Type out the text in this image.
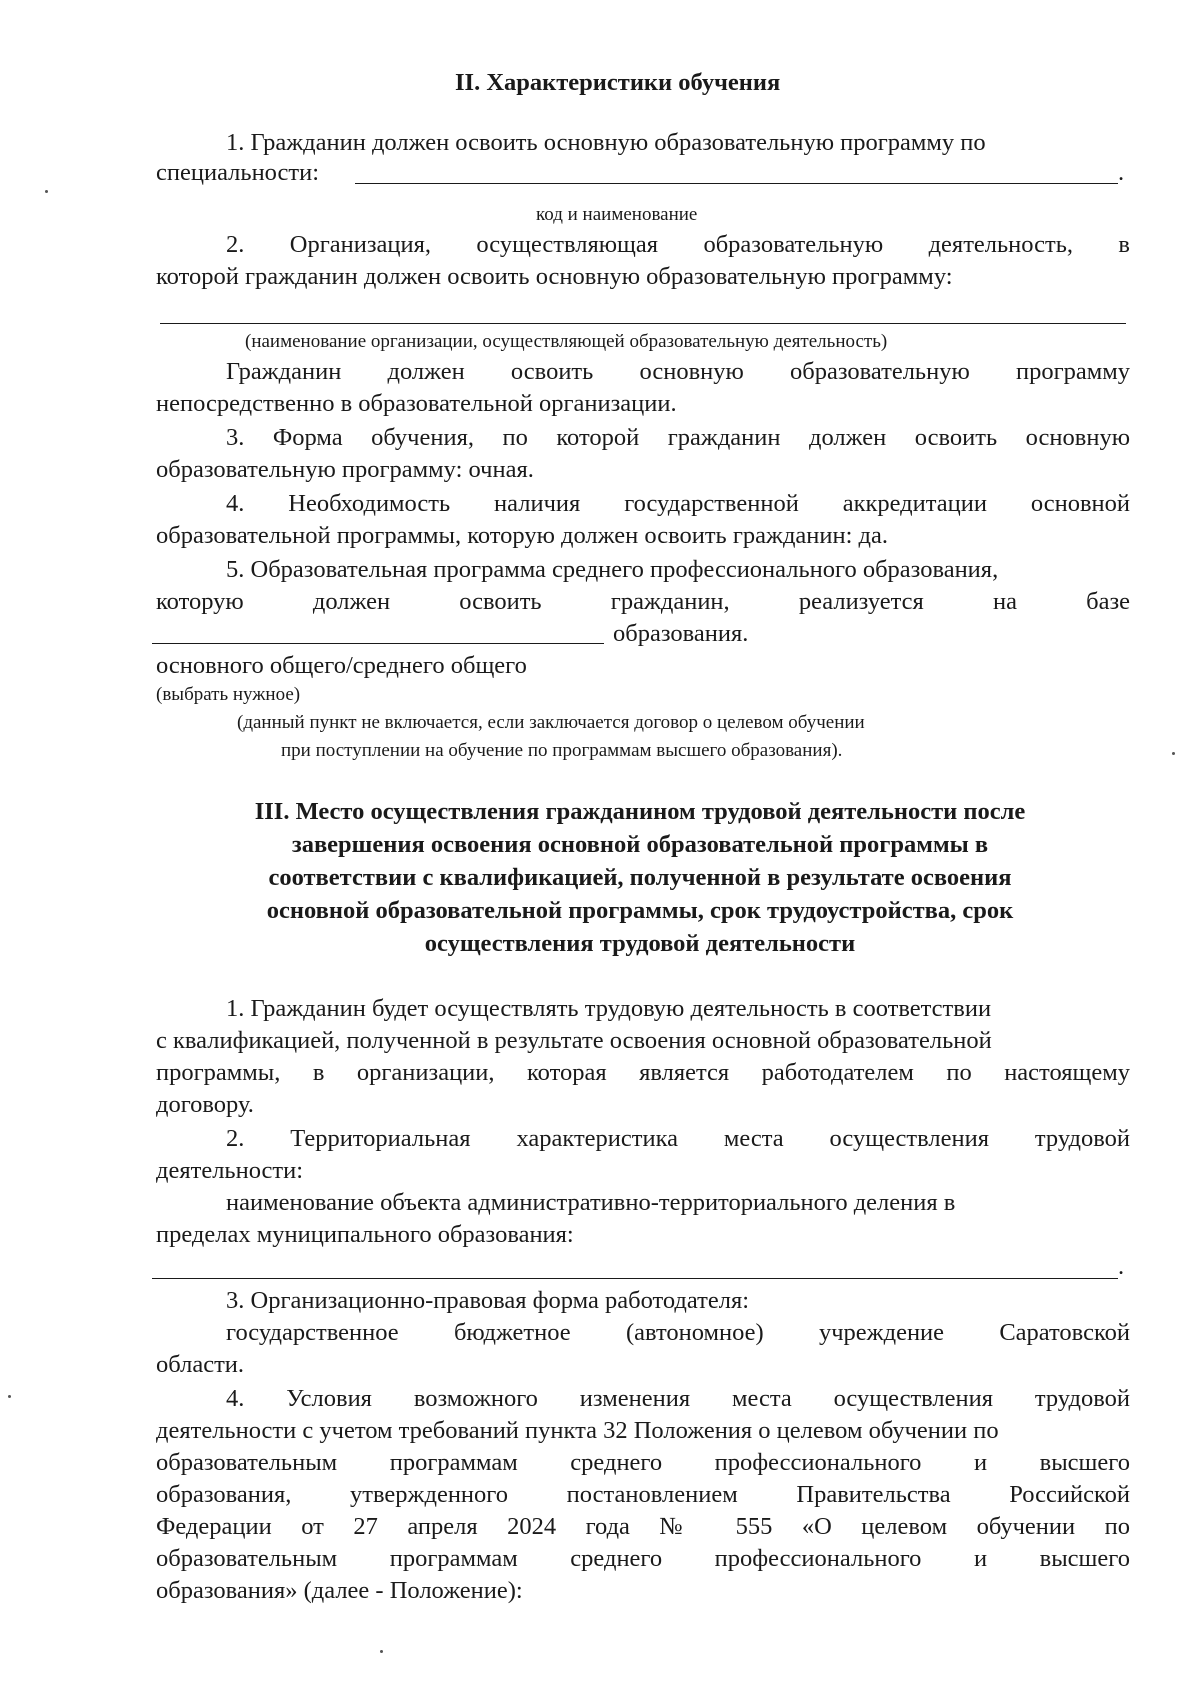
II. Характеристики обучения
1. Гражданин должен освоить основную образовательную программу по
специальности:	.
код и наименование
2. Организация, осуществляющая образовательную деятельность, в
которой гражданин должен освоить основную образовательную программу:
(наименование организации, осуществляющей образовательную деятельность)
Гражданин должен освоить основную образовательную программу
непосредственно в образовательной организации.
3. Форма обучения, по которой гражданин должен освоить основную
образовательную программу: очная.
4. Необходимость наличия государственной аккредитации основной
образовательной программы, которую должен освоить гражданин: да.
5. Образовательная программа среднего профессионального образования,
которую должен освоить гражданин, реализуется на базе
образования.
основного общего/среднего общего
(выбрать нужное)
(данный пункт не включается, если заключается договор о целевом обучении
при поступлении на обучение по программам высшего образования).
III. Место осуществления гражданином трудовой деятельности после
завершения освоения основной образовательной программы в
соответствии с квалификацией, полученной в результате освоения
основной образовательной программы, срок трудоустройства, срок
осуществления трудовой деятельности
1. Гражданин будет осуществлять трудовую деятельность в соответствии
с квалификацией, полученной в результате освоения основной образовательной
программы, в организации, которая является работодателем по настоящему
договору.
2. Территориальная характеристика места осуществления трудовой
деятельности:
наименование объекта административно-территориального деления в
пределах муниципального образования:
.
3. Организационно-правовая форма работодателя:
государственное бюджетное (автономное) учреждение Саратовской
области.
4. Условия возможного изменения места осуществления трудовой
деятельности с учетом требований пункта 32 Положения о целевом обучении по
образовательным программам среднего профессионального и высшего
образования, утвержденного постановлением Правительства Российской
Федерации от 27 апреля 2024 года № 555 «О целевом обучении по
образовательным программам среднего профессионального и высшего
образования» (далее - Положение):
